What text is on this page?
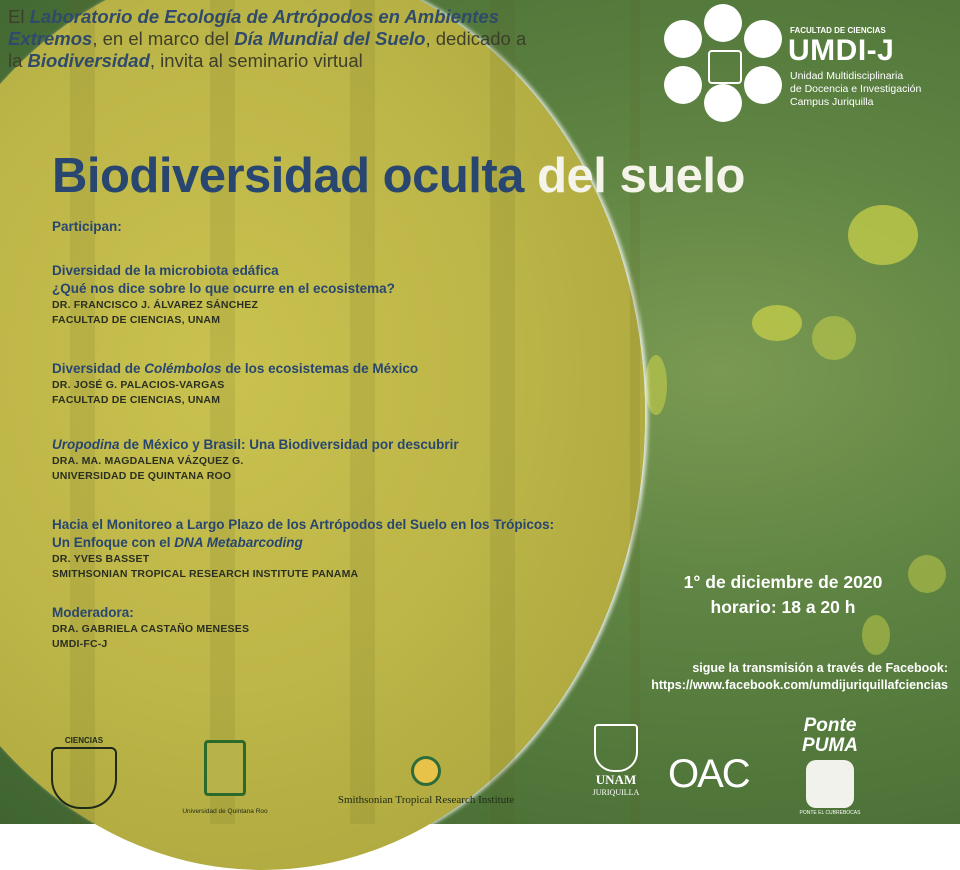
El Laboratorio de Ecología de Artrópodos en Ambientes Extremos, en el marco del Día Mundial del Suelo, dedicado a la Biodiversidad, invita al seminario virtual
Biodiversidad oculta del suelo
Participan:
Diversidad de la microbiota edáfica
¿Qué nos dice sobre lo que ocurre en el ecosistema?
DR. FRANCISCO J. ÁLVAREZ SÁNCHEZ
FACULTAD DE CIENCIAS, UNAM
Diversidad de Colémbolos de los ecosistemas de México
DR. JOSÉ G. PALACIOS-VARGAS
FACULTAD DE CIENCIAS, UNAM
Uropodina de México y Brasil: Una Biodiversidad por descubrir
DRA. MA. MAGDALENA VÁZQUEZ G.
UNIVERSIDAD DE QUINTANA ROO
Hacia el Monitoreo a Largo Plazo de los Artrópodos del Suelo en los Trópicos:
Un Enfoque con el DNA Metabarcoding
DR. YVES BASSET
SMITHSONIAN TROPICAL RESEARCH INSTITUTE PANAMA
Moderadora:
DRA. GABRIELA CASTAÑO MENESES
UMDI-FC-J
FACULTAD DE CIENCIAS
UMDI-J
Unidad Multidisciplinaria
de Docencia e Investigación
Campus Juriquilla
1° de diciembre de 2020
horario: 18 a 20 h
sigue la transmisión a través de Facebook:
https://www.facebook.com/umdijuriquillafciencias
CIENCIAS
Universidad de Quintana Roo
Smithsonian Tropical Research Institute
UNAM
JURIQUILLA OAC
Ponte PUMA
PONTE EL CUBREBOCAS
